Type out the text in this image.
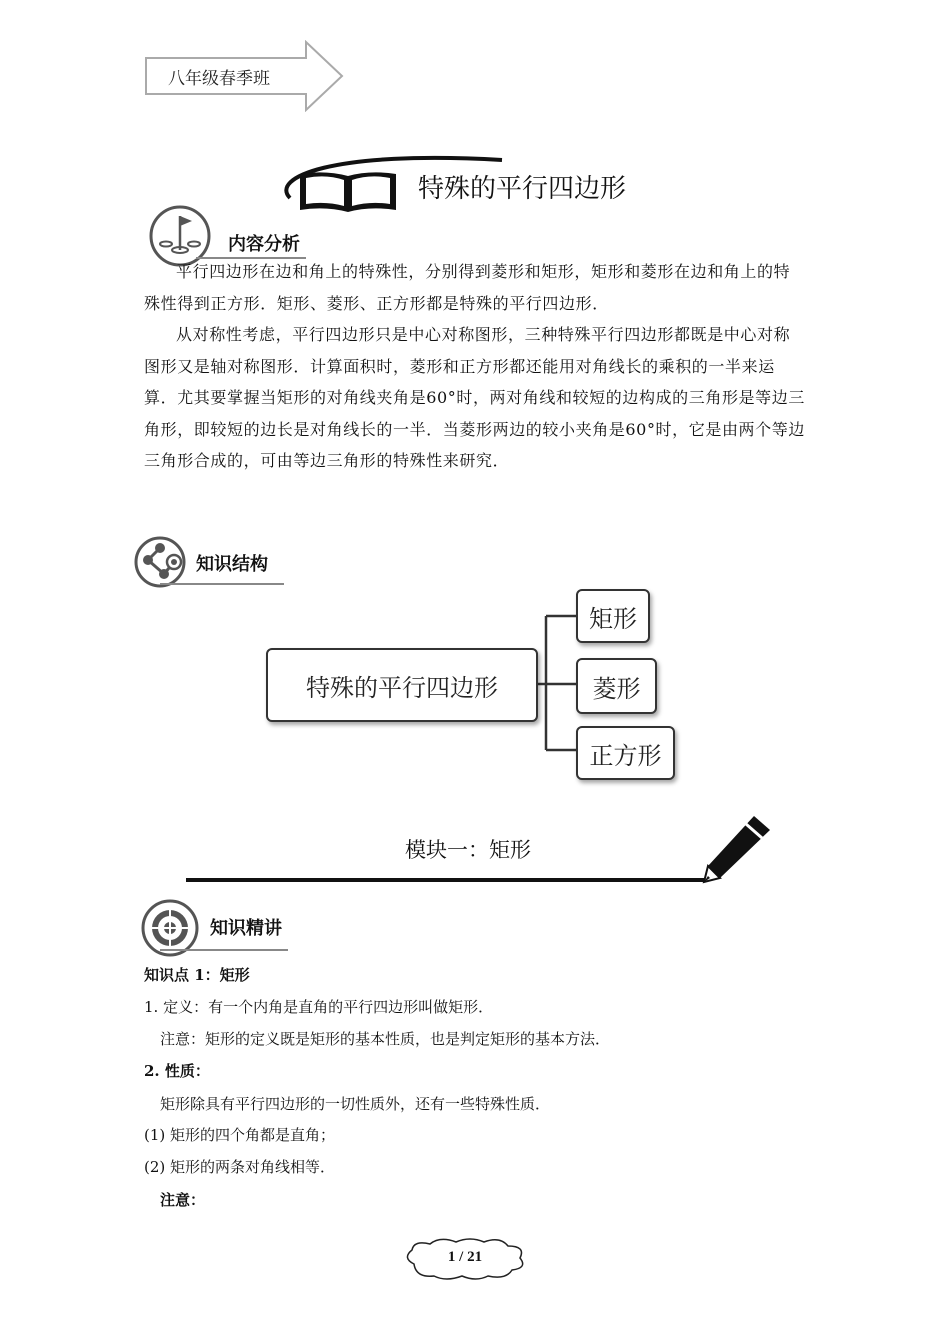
八年级春季班
特殊的平行四边形
内容分析

平行四边形在边和角上的特殊性，分别得到菱形和矩形，矩形和菱形在边和角上的特殊性得到正方形．矩形、菱形、正方形都是特殊的平行四边形．

从对称性考虑，平行四边形只是中心对称图形，三种特殊平行四边形都既是中心对称图形又是轴对称图形．计算面积时，菱形和正方形都还能用对角线长的乘积的一半来运算．尤其要掌握当矩形的对角线夹角是60°时，两对角线和较短的边构成的三角形是等边三角形，即较短的边长是对角线长的一半．当菱形两边的较小夹角是60°时，它是由两个等边三角形合成的，可由等边三角形的特殊性来研究．

知识结构
特殊的平行四边形
矩形
菱形
正方形
模块一：矩形
知识精讲
知识点 1：矩形
1. 定义：有一个内角是直角的平行四边形叫做矩形．
注意：矩形的定义既是矩形的基本性质，也是判定矩形的基本方法．
2. 性质：
矩形除具有平行四边形的一切性质外，还有一些特殊性质．
(1) 矩形的四个角都是直角；
(2) 矩形的两条对角线相等．
注意：
1 / 21
